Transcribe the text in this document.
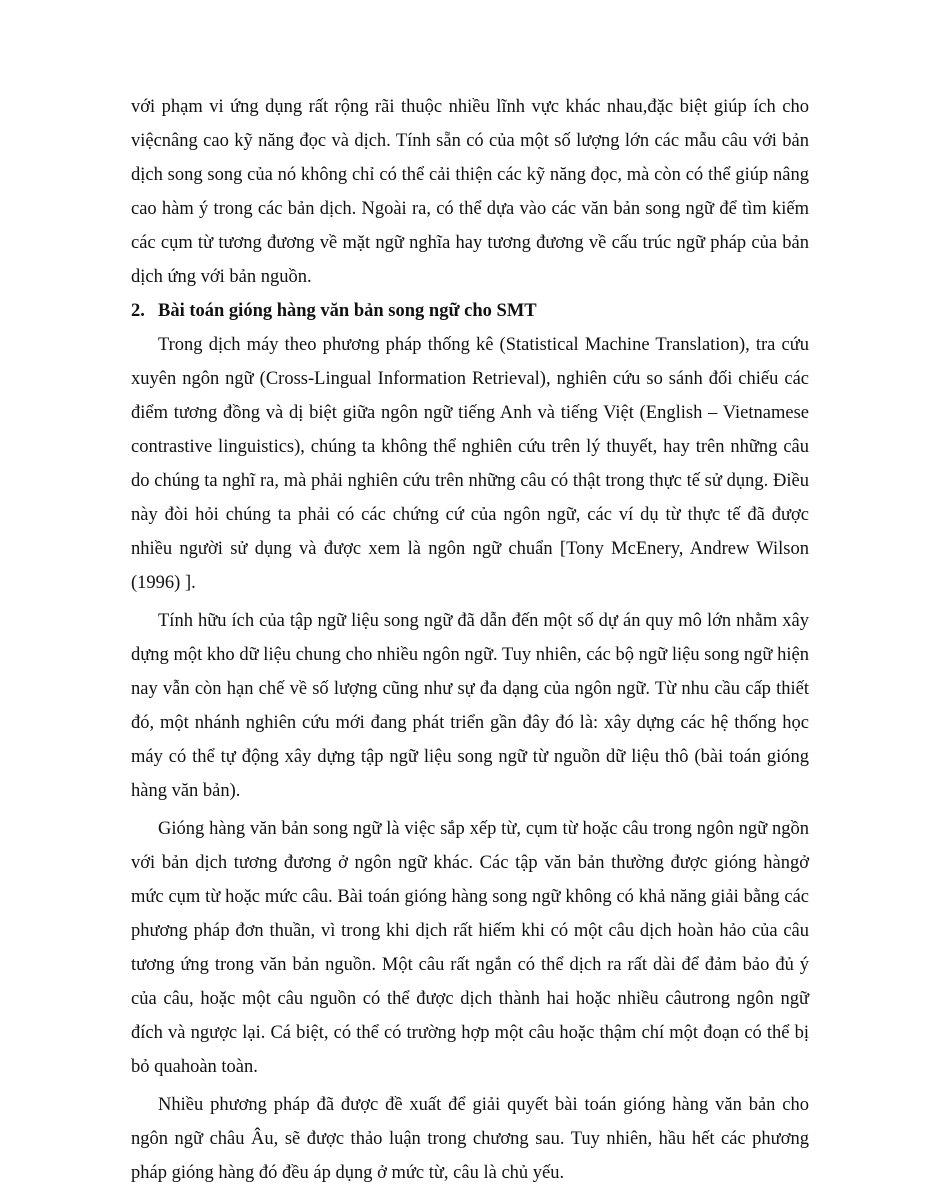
với phạm vi ứng dụng rất rộng rãi thuộc nhiều lĩnh vực khác nhau,đặc biệt giúp ích cho việcnâng cao kỹ năng đọc và dịch. Tính sẵn có của một số lượng lớn các mẫu câu với bản dịch song song của nó không chỉ có thể cải thiện các kỹ năng đọc, mà còn có thể giúp nâng cao hàm ý trong các bản dịch. Ngoài ra, có thể dựa vào các văn bản song ngữ để tìm kiếm các cụm từ tương đương về mặt ngữ nghĩa hay tương đương về cấu trúc ngữ pháp của bản dịch ứng với bản nguồn.

2. Bài toán gióng hàng văn bản song ngữ cho SMT

Trong dịch máy theo phương pháp thống kê (Statistical Machine Translation), tra cứu xuyên ngôn ngữ (Cross-Lingual Information Retrieval), nghiên cứu so sánh đối chiếu các điểm tương đồng và dị biệt giữa ngôn ngữ tiếng Anh và tiếng Việt (English – Vietnamese contrastive linguistics), chúng ta không thể nghiên cứu trên lý thuyết, hay trên những câu do chúng ta nghĩ ra, mà phải nghiên cứu trên những câu có thật trong thực tế sử dụng. Điều này đòi hỏi chúng ta phải có các chứng cứ của ngôn ngữ, các ví dụ từ thực tế đã được nhiều người sử dụng và được xem là ngôn ngữ chuẩn [Tony McEnery, Andrew Wilson (1996) ].

Tính hữu ích của tập ngữ liệu song ngữ đã dẫn đến một số dự án quy mô lớn nhằm xây dựng một kho dữ liệu chung cho nhiều ngôn ngữ. Tuy nhiên, các bộ ngữ liệu song ngữ hiện nay vẫn còn hạn chế về số lượng cũng như sự đa dạng của ngôn ngữ. Từ nhu cầu cấp thiết đó, một nhánh nghiên cứu mới đang phát triển gần đây đó là: xây dựng các hệ thống học máy có thể tự động xây dựng tập ngữ liệu song ngữ từ nguồn dữ liệu thô (bài toán gióng hàng văn bản).

Gióng hàng văn bản song ngữ là việc sắp xếp từ, cụm từ hoặc câu trong ngôn ngữ ngồn với bản dịch tương đương ở ngôn ngữ khác. Các tập văn bản thường được gióng hàngở mức cụm từ hoặc mức câu. Bài toán gióng hàng song ngữ không có khả năng giải bằng các phương pháp đơn thuần, vì trong khi dịch rất hiếm khi có một câu dịch hoàn hảo của câu tương ứng trong văn bản nguồn. Một câu rất ngắn có thể dịch ra rất dài để đảm bảo đủ ý của câu, hoặc một câu nguồn có thể được dịch thành hai hoặc nhiều câutrong ngôn ngữ đích và ngược lại. Cá biệt, có thể có trường hợp một câu hoặc thậm chí một đoạn có thể bị bỏ quahoàn toàn.

Nhiều phương pháp đã được đề xuất để giải quyết bài toán gióng hàng văn bản cho ngôn ngữ châu Âu, sẽ được thảo luận trong chương sau. Tuy nhiên, hầu hết các phương pháp gióng hàng đó đều áp dụng ở mức từ, câu là chủ yếu.
